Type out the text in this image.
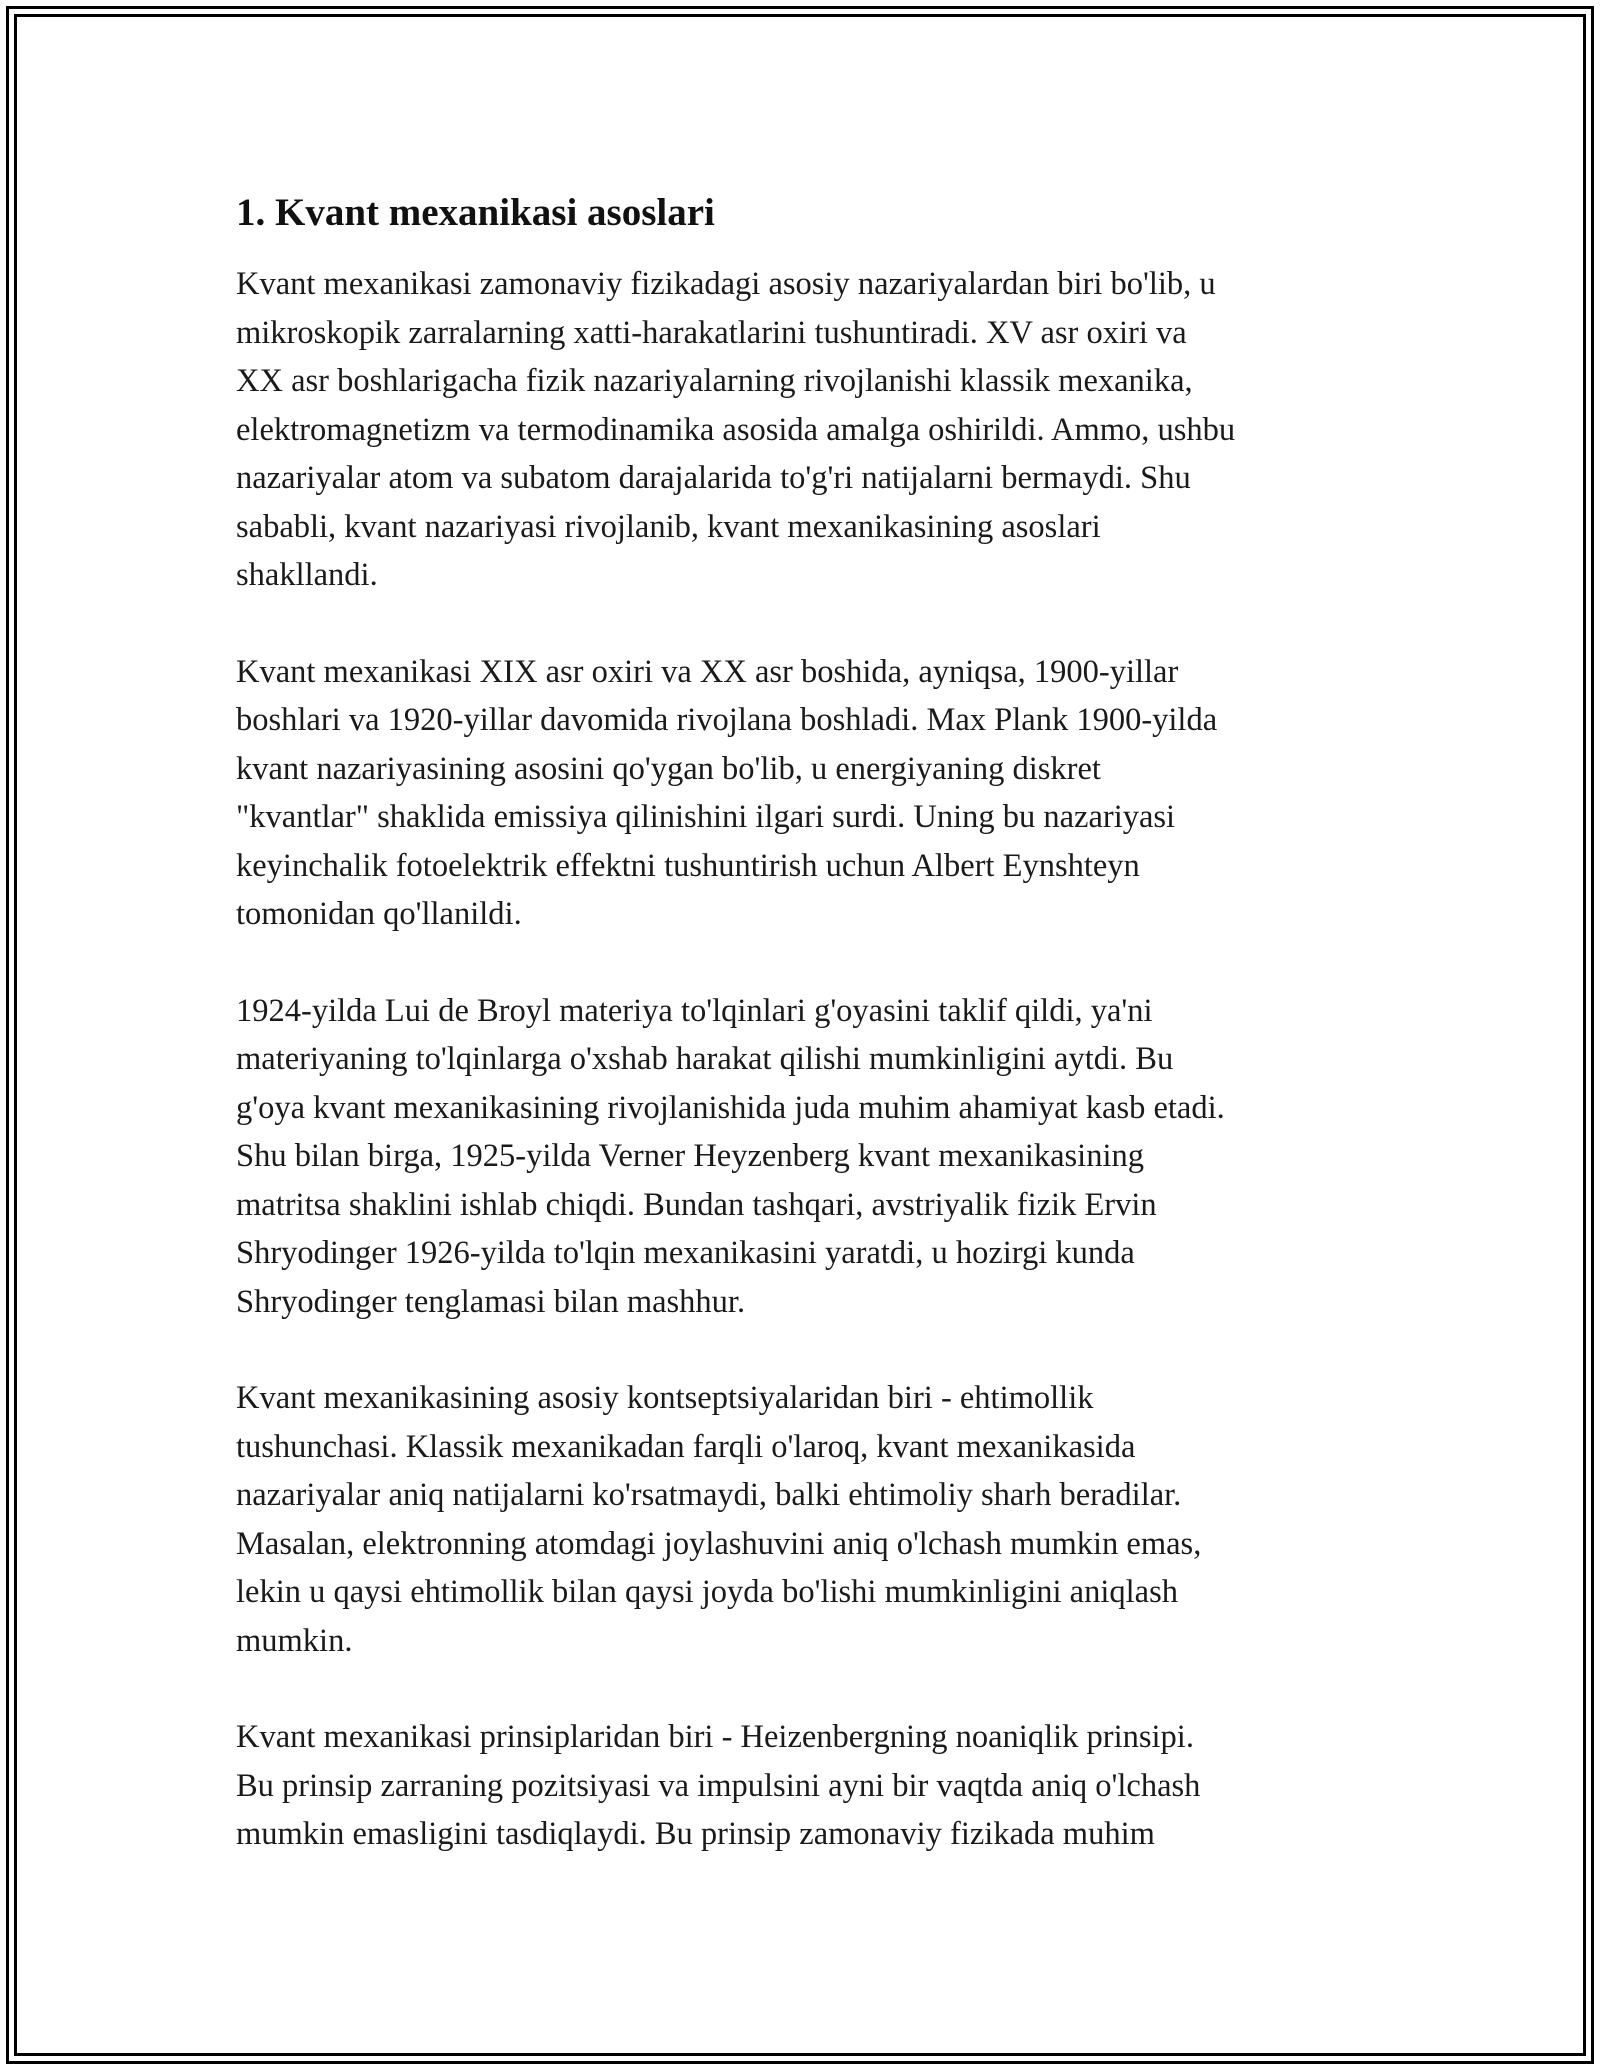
1. Kvant mexanikasi asoslari
Kvant mexanikasi zamonaviy fizikadagi asosiy nazariyalardan biri bo'lib, u
mikroskopik zarralarning xatti-harakatlarini tushuntiradi. XV asr oxiri va
XX asr boshlarigacha fizik nazariyalarning rivojlanishi klassik mexanika,
elektromagnetizm va termodinamika asosida amalga oshirildi. Ammo, ushbu
nazariyalar atom va subatom darajalarida to'g'ri natijalarni bermaydi. Shu
sababli, kvant nazariyasi rivojlanib, kvant mexanikasining asoslari
shakllandi.
Kvant mexanikasi XIX asr oxiri va XX asr boshida, ayniqsa, 1900-yillar
boshlari va 1920-yillar davomida rivojlana boshladi. Max Plank 1900-yilda
kvant nazariyasining asosini qo'ygan bo'lib, u energiyaning diskret
"kvantlar" shaklida emissiya qilinishini ilgari surdi. Uning bu nazariyasi
keyinchalik fotoelektrik effektni tushuntirish uchun Albert Eynshteyn
tomonidan qo'llanildi.
1924-yilda Lui de Broyl materiya to'lqinlari g'oyasini taklif qildi, ya'ni
materiyaning to'lqinlarga o'xshab harakat qilishi mumkinligini aytdi. Bu
g'oya kvant mexanikasining rivojlanishida juda muhim ahamiyat kasb etadi.
Shu bilan birga, 1925-yilda Verner Heyzenberg kvant mexanikasining
matritsa shaklini ishlab chiqdi. Bundan tashqari, avstriyalik fizik Ervin
Shryodinger 1926-yilda to'lqin mexanikasini yaratdi, u hozirgi kunda
Shryodinger tenglamasi bilan mashhur.
Kvant mexanikasining asosiy kontseptsiyalaridan biri - ehtimollik
tushunchasi. Klassik mexanikadan farqli o'laroq, kvant mexanikasida
nazariyalar aniq natijalarni ko'rsatmaydi, balki ehtimoliy sharh beradilar.
Masalan, elektronning atomdagi joylashuvini aniq o'lchash mumkin emas,
lekin u qaysi ehtimollik bilan qaysi joyda bo'lishi mumkinligini aniqlash
mumkin.
Kvant mexanikasi prinsiplaridan biri - Heizenbergning noaniqlik prinsipi.
Bu prinsip zarraning pozitsiyasi va impulsini ayni bir vaqtda aniq o'lchash
mumkin emasligini tasdiqlaydi. Bu prinsip zamonaviy fizikada muhim
